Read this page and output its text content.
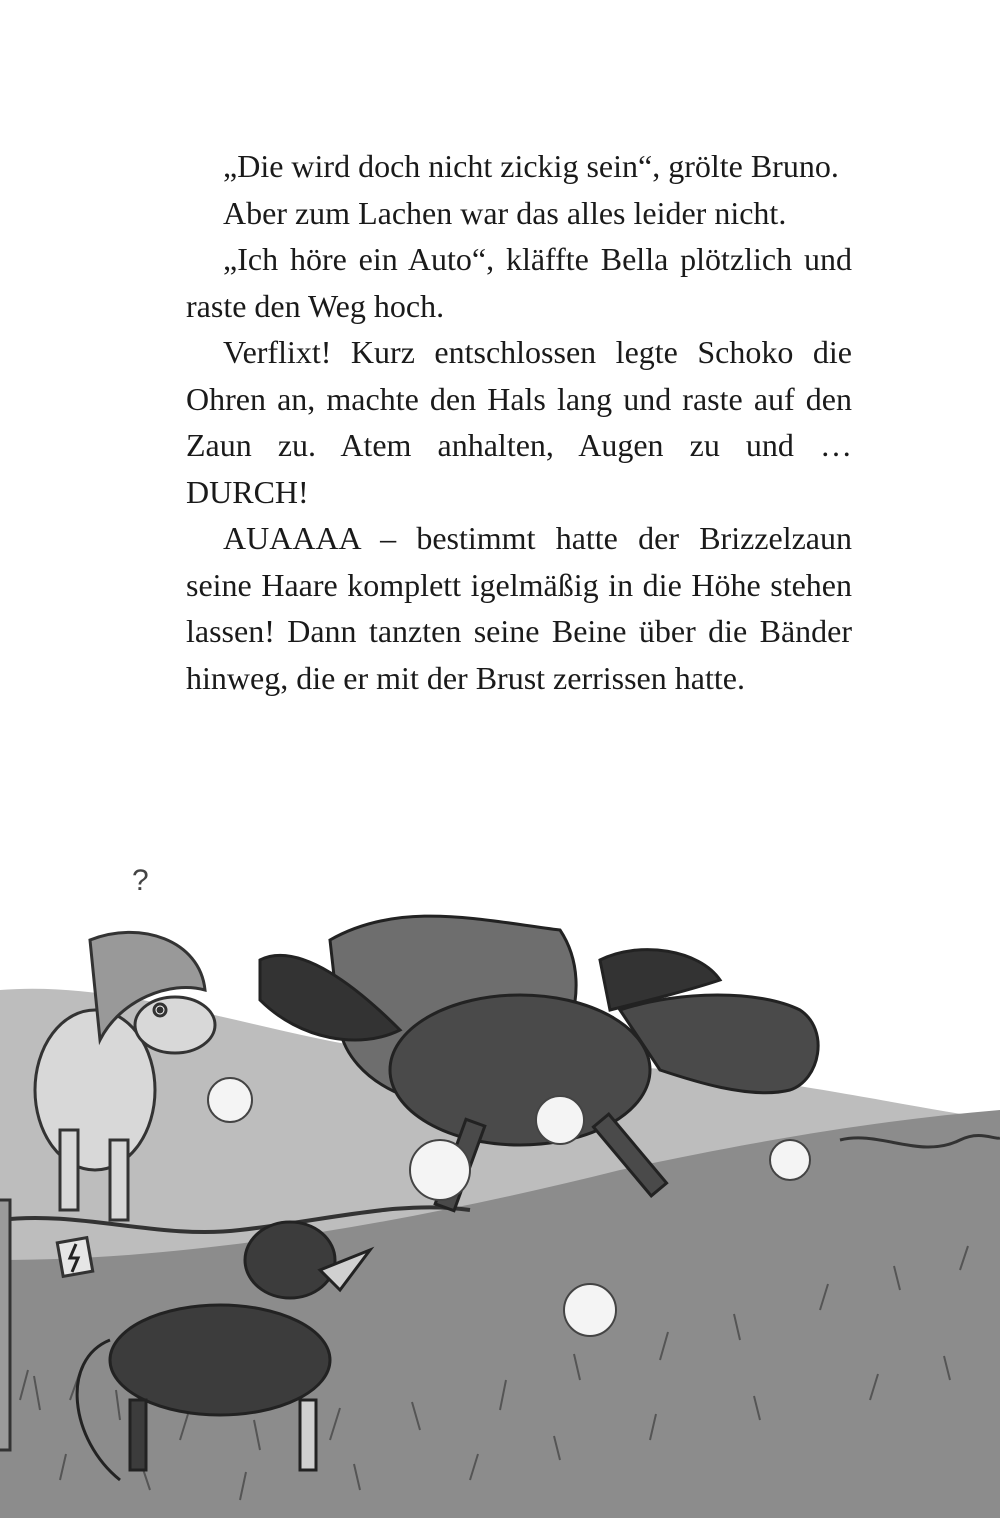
„Die wird doch nicht zickig sein“, grölte Bruno.

Aber zum Lachen war das alles leider nicht.

„Ich höre ein Auto“, kläffte Bella plötzlich und raste den Weg hoch.

Verflixt! Kurz entschlossen legte Schoko die Ohren an, machte den Hals lang und raste auf den Zaun zu. Atem anhalten, Augen zu und … DURCH!

AUAAAA – bestimmt hatte der Brizzelzaun seine Haare komplett igelmäßig in die Höhe stehen lassen! Dann tanzten seine Beine über die Bänder hinweg, die er mit der Brust zerrissen hatte.

?
